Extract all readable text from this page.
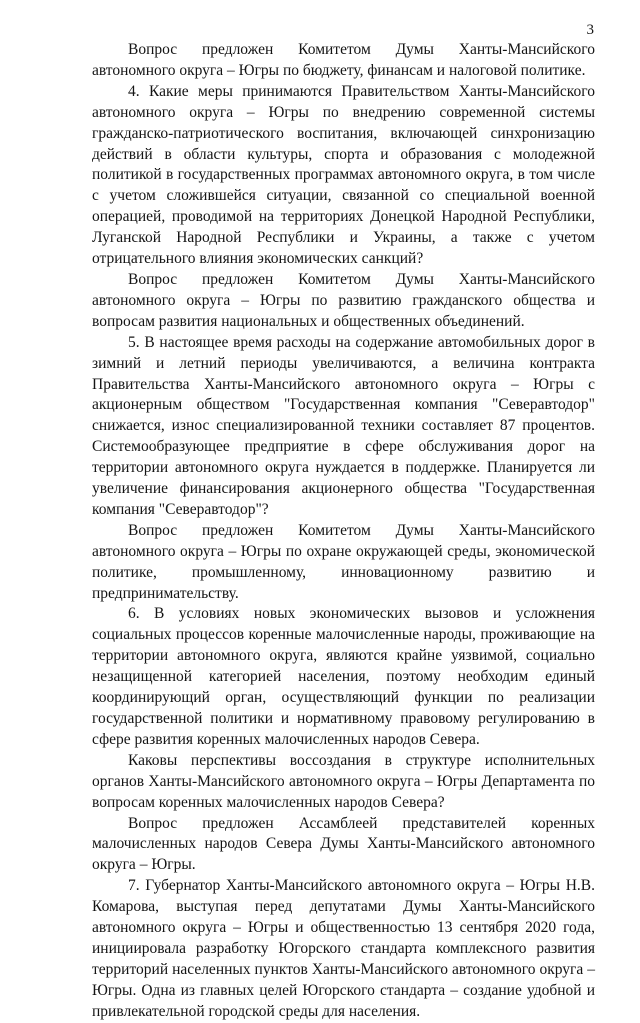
3

Вопрос предложен Комитетом Думы Ханты-Мансийского автономного округа – Югры по бюджету, финансам и налоговой политике.

4. Какие меры принимаются Правительством Ханты-Мансийского автономного округа – Югры по внедрению современной системы гражданско-патриотического воспитания, включающей синхронизацию действий в области культуры, спорта и образования с молодежной политикой в государственных программах автономного округа, в том числе с учетом сложившейся ситуации, связанной со специальной военной операцией, проводимой на территориях Донецкой Народной Республики, Луганской Народной Республики и Украины, а также с учетом отрицательного влияния экономических санкций?

Вопрос предложен Комитетом Думы Ханты-Мансийского автономного округа – Югры по развитию гражданского общества и вопросам развития национальных и общественных объединений.

5. В настоящее время расходы на содержание автомобильных дорог в зимний и летний периоды увеличиваются, а величина контракта Правительства Ханты-Мансийского автономного округа – Югры с акционерным обществом "Государственная компания "Северавтодор" снижается, износ специализированной техники составляет 87 процентов. Системообразующее предприятие в сфере обслуживания дорог на территории автономного округа нуждается в поддержке. Планируется ли увеличение финансирования акционерного общества "Государственная компания "Северавтодор"?

Вопрос предложен Комитетом Думы Ханты-Мансийского автономного округа – Югры по охране окружающей среды, экономической политике, промышленному, инновационному развитию и предпринимательству.

6. В условиях новых экономических вызовов и усложнения социальных процессов коренные малочисленные народы, проживающие на территории автономного округа, являются крайне уязвимой, социально незащищенной категорией населения, поэтому необходим единый координирующий орган, осуществляющий функции по реализации государственной политики и нормативному правовому регулированию в сфере развития коренных малочисленных народов Севера.

Каковы перспективы воссоздания в структуре исполнительных органов Ханты-Мансийского автономного округа – Югры Департамента по вопросам коренных малочисленных народов Севера?

Вопрос предложен Ассамблеей представителей коренных малочисленных народов Севера Думы Ханты-Мансийского автономного округа – Югры.

7. Губернатор Ханты-Мансийского автономного округа – Югры Н.В. Комарова, выступая перед депутатами Думы Ханты-Мансийского автономного округа – Югры и общественностью 13 сентября 2020 года, инициировала разработку Югорского стандарта комплексного развития территорий населенных пунктов Ханты-Мансийского автономного округа – Югры. Одна из главных целей Югорского стандарта – создание удобной и привлекательной городской среды для населения.
